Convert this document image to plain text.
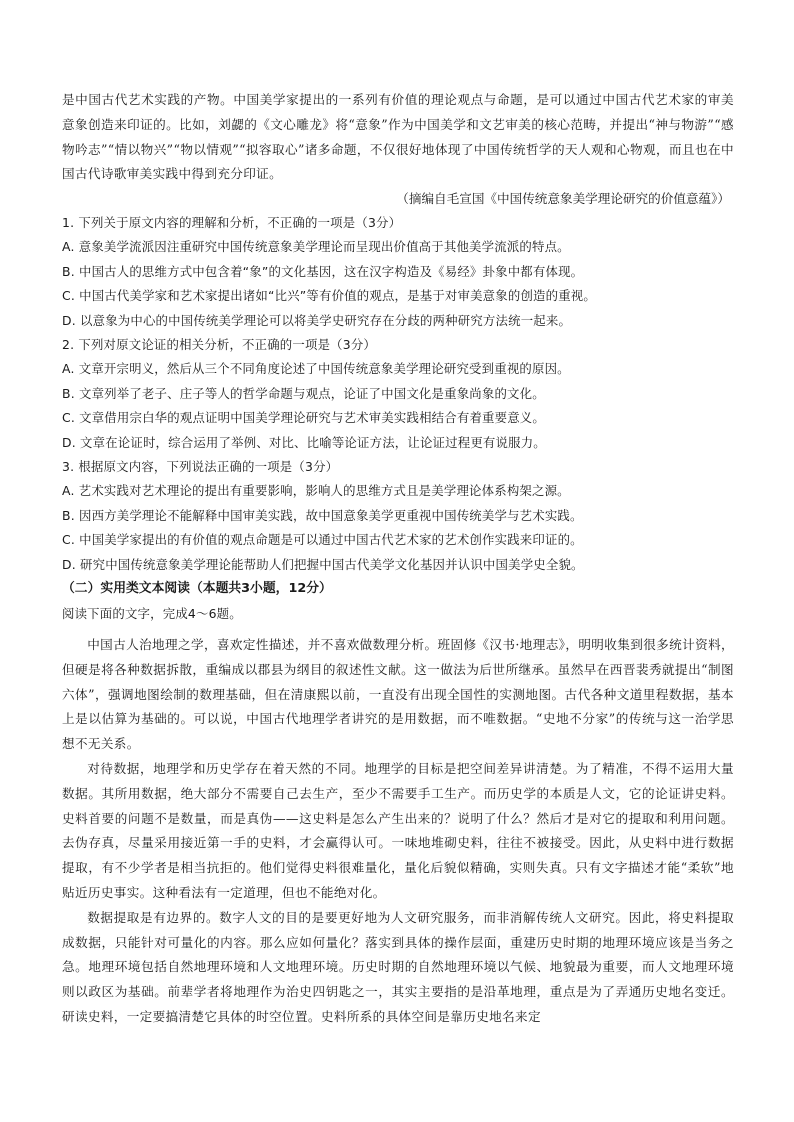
是中国古代艺术实践的产物。中国美学家提出的一系列有价值的理论观点与命题，是可以通过中国古代艺术家的审美意象创造来印证的。比如，刘勰的《文心雕龙》将“意象”作为中国美学和文艺审美的核心范畴，并提出“神与物游”“感物吟志”“情以物兴”“物以情观”“拟容取心”诸多命题，不仅很好地体现了中国传统哲学的天人观和心物观，而且也在中国古代诗歌审美实践中得到充分印证。

（摘编自毛宣国《中国传统意象美学理论研究的价值意蕴》）

1. 下列关于原文内容的理解和分析，不正确的一项是（3分）

A. 意象美学流派因注重研究中国传统意象美学理论而呈现出价值高于其他美学流派的特点。

B. 中国古人的思维方式中包含着“象”的文化基因，这在汉字构造及《易经》卦象中都有体现。

C. 中国古代美学家和艺术家提出诸如“比兴”等有价值的观点，是基于对审美意象的创造的重视。

D. 以意象为中心的中国传统美学理论可以将美学史研究存在分歧的两种研究方法统一起来。

2. 下列对原文论证的相关分析，不正确的一项是（3分）

A. 文章开宗明义，然后从三个不同角度论述了中国传统意象美学理论研究受到重视的原因。

B. 文章列举了老子、庄子等人的哲学命题与观点，论证了中国文化是重象尚象的文化。

C. 文章借用宗白华的观点证明中国美学理论研究与艺术审美实践相结合有着重要意义。

D. 文章在论证时，综合运用了举例、对比、比喻等论证方法，让论证过程更有说服力。

3. 根据原文内容，下列说法正确的一项是（3分）

A. 艺术实践对艺术理论的提出有重要影响，影响人的思维方式且是美学理论体系构架之源。

B. 因西方美学理论不能解释中国审美实践，故中国意象美学更重视中国传统美学与艺术实践。

C. 中国美学家提出的有价值的观点命题是可以通过中国古代艺术家的艺术创作实践来印证的。

D. 研究中国传统意象美学理论能帮助人们把握中国古代美学文化基因并认识中国美学史全貌。

（二）实用类文本阅读（本题共3小题，12分）

阅读下面的文字，完成4～6题。

中国古人治地理之学，喜欢定性描述，并不喜欢做数理分析。班固修《汉书·地理志》，明明收集到很多统计资料，但硬是将各种数据拆散，重编成以郡县为纲目的叙述性文献。这一做法为后世所继承。虽然早在西晋裴秀就提出“制图六体”，强调地图绘制的数理基础，但在清康熙以前，一直没有出现全国性的实测地图。古代各种文道里程数据，基本上是以估算为基础的。可以说，中国古代地理学者讲究的是用数据，而不唯数据。“史地不分家”的传统与这一治学思想不无关系。

对待数据，地理学和历史学存在着天然的不同。地理学的目标是把空间差异讲清楚。为了精准，不得不运用大量数据。其所用数据，绝大部分不需要自己去生产，至少不需要手工生产。而历史学的本质是人文，它的论证讲史料。史料首要的问题不是数量，而是真伪——这史料是怎么产生出来的？说明了什么？然后才是对它的提取和利用问题。去伪存真，尽量采用接近第一手的史料，才会赢得认可。一味地堆砌史料，往往不被接受。因此，从史料中进行数据提取，有不少学者是相当抗拒的。他们觉得史料很难量化，量化后貌似精确，实则失真。只有文字描述才能“柔软”地贴近历史事实。这种看法有一定道理，但也不能绝对化。

数据提取是有边界的。数字人文的目的是要更好地为人文研究服务，而非消解传统人文研究。因此，将史料提取成数据，只能针对可量化的内容。那么应如何量化？落实到具体的操作层面，重建历史时期的地理环境应该是当务之急。地理环境包括自然地理环境和人文地理环境。历史时期的自然地理环境以气候、地貌最为重要，而人文地理环境则以政区为基础。前辈学者将地理作为治史四钥匙之一，其实主要指的是沿革地理，重点是为了弄通历史地名变迁。研读史料，一定要搞清楚它具体的时空位置。史料所系的具体空间是靠历史地名来定
